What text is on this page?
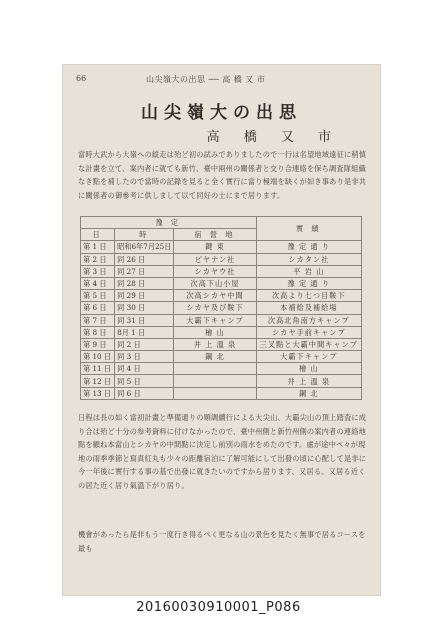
66	山尖嶺大の出思 ── 高 橋 又 市
山尖嶺大の出思
高 橋 又 市
當時大武から大嶺への縦走は殆ど初の試みでありましたので一行は名望地域遠征に稍慎な計畫を立て、案内者に就ても新竹、臺中兩州の關係者と交り合連絡を保ち調査隊組織なき點を補したので當時の記錄を見ると全く實行に當り極端を缺くが如き事あり是非共に關係者の御參考に供しまして以て同好の士にまで居ります。
豫 定			實 績
日	時	宿 營 地	
第 1 日	昭和6年7月25日	鍵 東	豫 定 通 り
第 2 日	同 26 日	ピヤナン社	シカタン社
第 3 日	同 27 日	シカヤウ社	平 岩 山
第 4 日	同 28 日	次高下山小屋	豫 定 通 り
第 5 日	同 29 日	次高シカヤ中間	次高より七つ目鞍下
第 6 日	同 30 日	シカヤ及び鞍下	本補給及補給場
第 7 日	同 31 日	大霸下キャンプ	次高北角南方キャンプ
第 8 日	8月 1 日	檜 山	シカヤ手前キャンプ
第 9 日	同 2 日	井 上 溫 泉	三叉點と大霸中間キャンプ
第 10 日	同 3 日	鋼 北	大霸下キャンプ
第 11 日	同 4 日		檜 山
第 12 日	同 5 日		井 上 溫 泉
第 13 日	同 6 日		鋼 北
日程は長の如く當初計畫と準備通りの順調續行による大尖山、大霸尖山の頂上踏査に成り合は殆ど十分の参考資料に付けなかったので、臺中州側と新竹州側の案内者の連絡地點を顧ね本當山とシカヤの中間點に決定し前別の雨水をめたのです。處が途中ペ々が現地の雨季季節と寫真紅丸も少々の距離宿泊に了解可能にして出發の頃に心配して是非に今一年後に實行する事の基で出發に就きたいのですから居ります、又居る。又居る近くの居た近く居り氣溫下がり居り。
機會があったら是非もう一度行き得るべく更なる山の景色を見たく無事で居るコースを最も
20160030910001_P086
